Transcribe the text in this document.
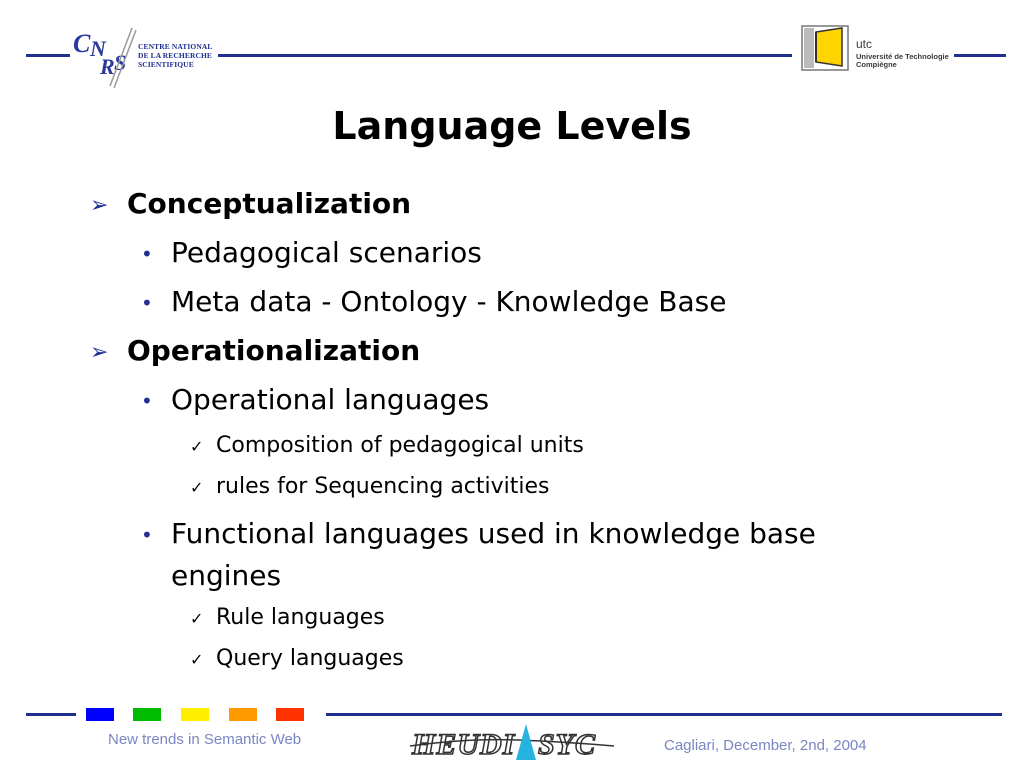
C N
R S
CENTRE NATIONAL
DE LA RECHERCHE
SCIENTIFIQUE
utc
Université de Technologie
Compiègne
Language Levels
➢ Conceptualization
• Pedagogical scenarios
• Meta data - Ontology - Knowledge Base
➢ Operationalization
• Operational languages
✓ Composition of pedagogical units
✓ rules for Sequencing activities
• Functional languages used in knowledge base engines
✓ Rule languages
✓ Query languages
New trends in Semantic Web	Cagliari, December, 2nd, 2004
HEUDI SYC
